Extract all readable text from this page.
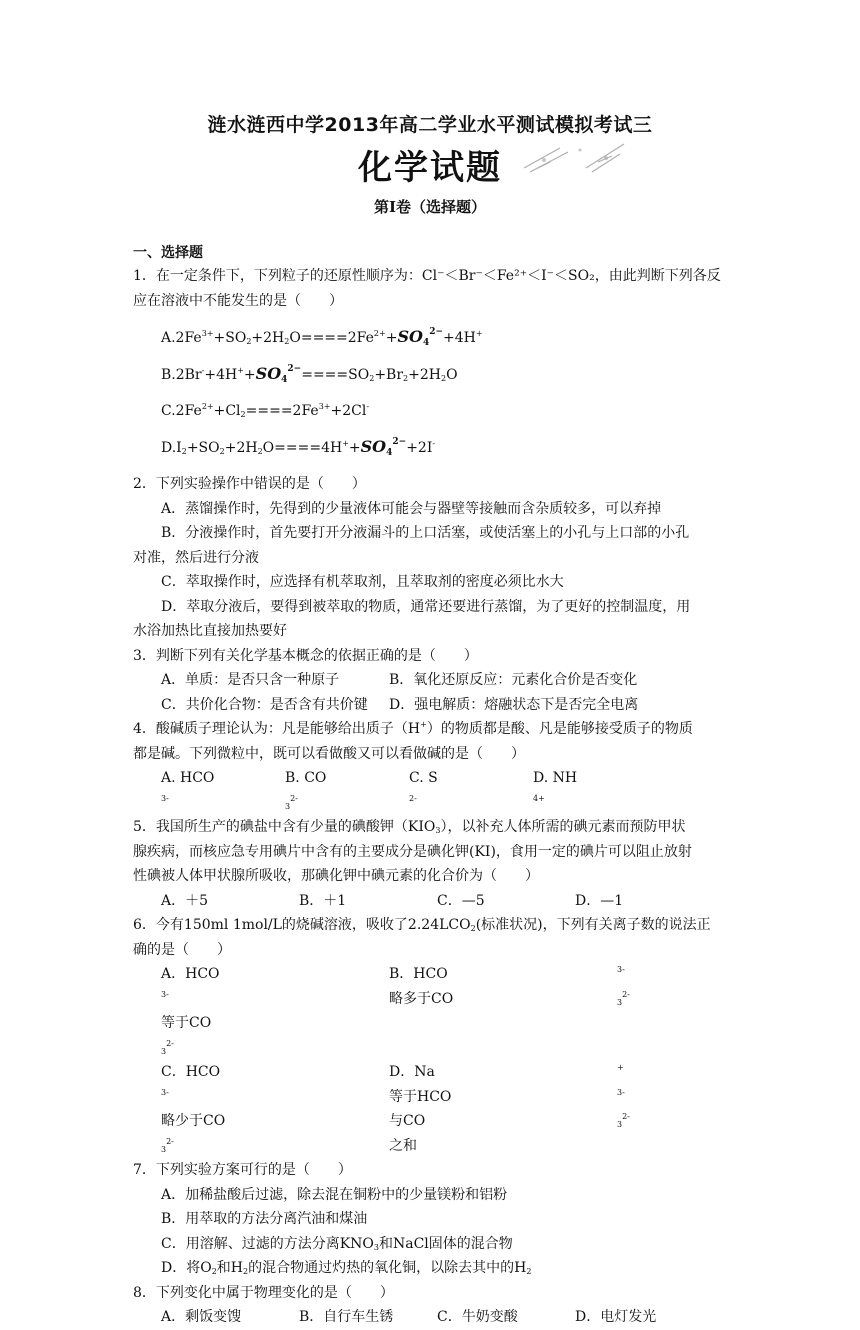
涟水涟西中学2013年高二学业水平测试模拟考试三
化学试题
第Ⅰ卷（选择题）
一、选择题

1．在一定条件下，下列粒子的还原性顺序为：Cl⁻＜Br⁻＜Fe²⁺＜I⁻＜SO₂，由此判断下列各反

应在溶液中不能发生的是（　　）

$A.2Fe^{3+}+SO_2+2H_2O====2Fe^{2+}+SO_4^{2-}+4H^+$

$B.2Br^-+4H^++SO_4^{2-}====SO_2+Br_2+2H_2O$

$C.2Fe^{2+}+Cl_2====2Fe^{3+}+2Cl^-$

$D.I_2+SO_2+2H_2O====4H^++SO_4^{2-}+2I^-$

2．下列实验操作中错误的是（　　）

A．蒸馏操作时，先得到的少量液体可能会与器壁等接触而含杂质较多，可以弃掉

B．分液操作时，首先要打开分液漏斗的上口活塞，或使活塞上的小孔与上口部的小孔

对准，然后进行分液

C．萃取操作时，应选择有机萃取剂，且萃取剂的密度必须比水大

D．萃取分液后，要得到被萃取的物质，通常还要进行蒸馏，为了更好的控制温度，用

水浴加热比直接加热要好

3．判断下列有关化学基本概念的依据正确的是（　　）

A．单质：是否只含一种原子	B．氧化还原反应：元素化合价是否变化
C．共价化合物：是否含有共价键	D．强电解质：熔融状态下是否完全电离

4．酸碱质子理论认为：凡是能够给出质子（H+）的物质都是酸、凡是能够接受质子的物质

都是碱。下列微粒中，既可以看做酸又可以看做碱的是（　　）

A. $HCO^{3-}$
B. $CO_3^{2-}$
C. $S^{2-}$
D. $NH^{4+}$

5．我国所生产的碘盐中含有少量的碘酸钾$(KIO_3)$，以补充人体所需的碘元素而预防甲状

腺疾病，而核应急专用碘片中含有的主要成分是碘化钾(KI)，食用一定的碘片可以阻止放射

性碘被人体甲状腺所吸收，那碘化钾中碘元素的化合价为（　　）

A．＋5	B．＋1	C．—5	D．—1

6．今有150ml 1mol/L的烧碱溶液，吸收了$2.24LCO_2$(标准状况)，下列有关离子数的说法正

确的是（　　）

A．$HCO^{3-}$等于$CO_3^{2-}$
B．HCO	$^{3-}$略多于CO	$_3^{2-}$
C．$HCO^{3-}$略少于$CO_3^{2-}$
D．Na	+等于HCO	$^{3-}$与CO	$_3^{2-}$之和

7．下列实验方案可行的是（　　）

A．加稀盐酸后过滤，除去混在铜粉中的少量镁粉和铝粉

B．用萃取的方法分离汽油和煤油

C．用溶解、过滤的方法分离$KNO_3$和NaCl固体的混合物

D．将$O_2$和$H_2$的混合物通过灼热的氧化铜，以除去其中的$H_2$

8．下列变化中属于物理变化的是（　　）

A．剩饭变馊	B．自行车生锈	C．牛奶变酸	D．电灯发光
